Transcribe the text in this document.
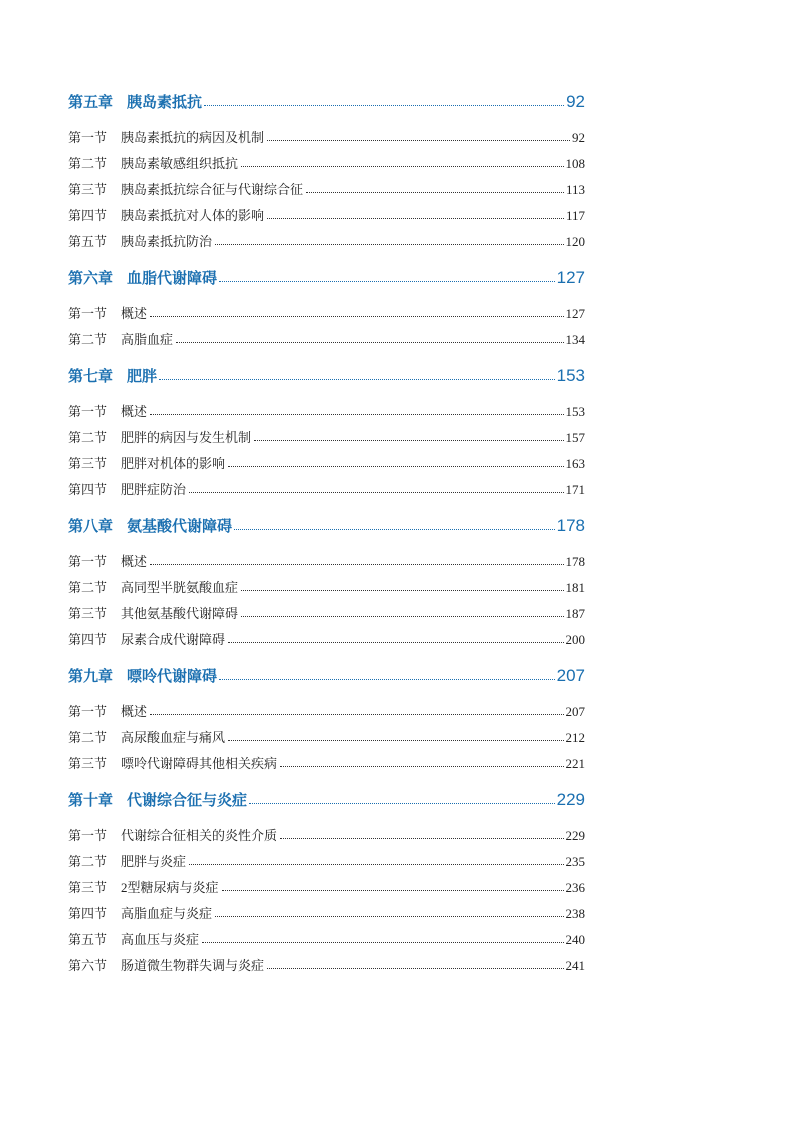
第五章 胰岛素抵抗	92
第一节 胰岛素抵抗的病因及机制	92
第二节 胰岛素敏感组织抵抗	108
第三节 胰岛素抵抗综合征与代谢综合征	113
第四节 胰岛素抵抗对人体的影响	117
第五节 胰岛素抵抗防治	120
第六章 血脂代谢障碍	127
第一节 概述	127
第二节 高脂血症	134
第七章 肥胖	153
第一节 概述	153
第二节 肥胖的病因与发生机制	157
第三节 肥胖对机体的影响	163
第四节 肥胖症防治	171
第八章 氨基酸代谢障碍	178
第一节 概述	178
第二节 高同型半胱氨酸血症	181
第三节 其他氨基酸代谢障碍	187
第四节 尿素合成代谢障碍	200
第九章 嘌呤代谢障碍	207
第一节 概述	207
第二节 高尿酸血症与痛风	212
第三节 嘌呤代谢障碍其他相关疾病	221
第十章 代谢综合征与炎症	229
第一节 代谢综合征相关的炎性介质	229
第二节 肥胖与炎症	235
第三节 2型糖尿病与炎症	236
第四节 高脂血症与炎症	238
第五节 高血压与炎症	240
第六节 肠道微生物群失调与炎症	241
